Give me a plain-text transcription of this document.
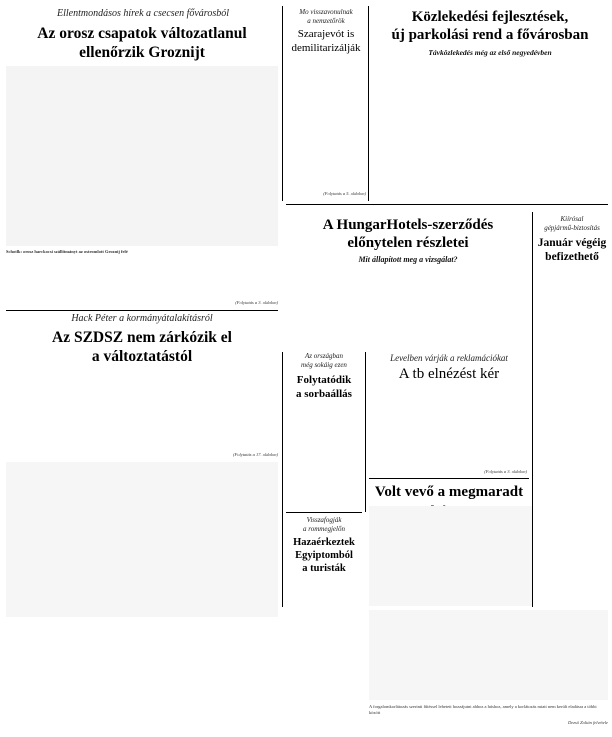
Ellentmondásos hírek a csecsen fővárosból
Az orosz csapatok változatlanul
ellenőrzik Groznijt
Mo visszavonulnak
a nemzetőrök
Szarajevót is
demilitarizálják
(Folytatás a 5. oldalon)
Közlekedési fejlesztések,
új parkolási rend a fővárosban
Távközlekedés még az első negyedévben
Schotlk: orosz harckocsi szállítmányt az ostromlott Groznij felé
(Folytatás a 3. oldalon)
A HungarHotels-szerződés
előnytelen részletei
Mit állapított meg a vizsgálat?
Kiírósal
gépjármű-biztosítás
Január végéig
befizethető
Hack Péter a kormányátalakításról
Az SZDSZ nem zárkózik el
a változtatástól
(Folytatás a 17. oldalon)
Az országban
még sokáig ezen
Folytatódik
a sorbaállás
Levelben várják a reklamációkat
A tb elnézést kér
(Folytatás a 3. oldalon)
Volt vevő a megmaradt
Visszafogják
a rommegjelőn
Hazaérkeztek
Egyiptomból
a turisták
A forgalomkorlátozás szerinti fűtéssel lehetett hozzájutni ahhoz a húshoz, amely a korlátozás miatt nem került eladásra a többi között
Dezső Zoltán felvétele
